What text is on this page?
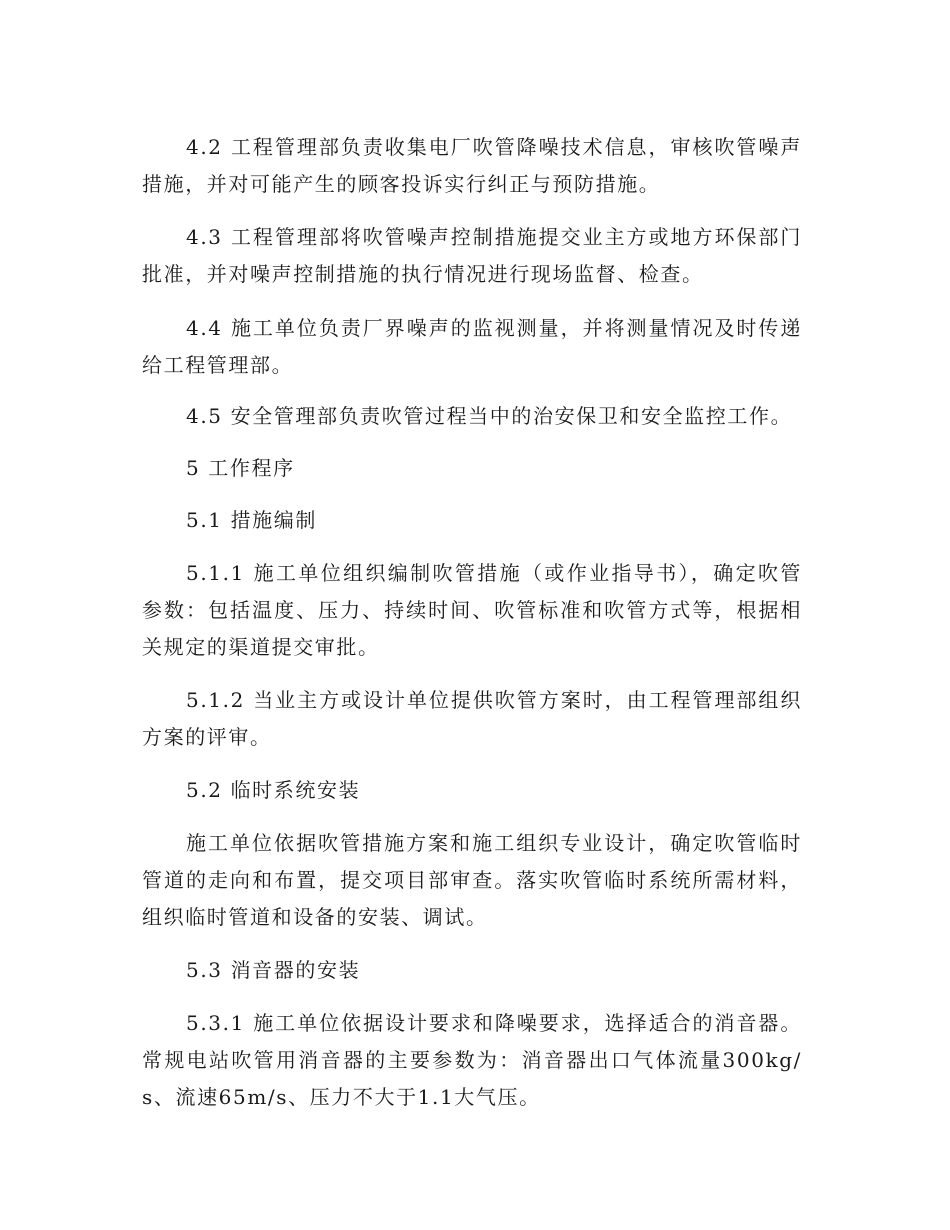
4.2 工程管理部负责收集电厂吹管降噪技术信息，审核吹管噪声措施，并对可能产生的顾客投诉实行纠正与预防措施。

4.3 工程管理部将吹管噪声控制措施提交业主方或地方环保部门批准，并对噪声控制措施的执行情况进行现场监督、检查。

4.4 施工单位负责厂界噪声的监视测量，并将测量情况及时传递给工程管理部。

4.5 安全管理部负责吹管过程当中的治安保卫和安全监控工作。

5 工作程序

5.1 措施编制

5.1.1 施工单位组织编制吹管措施（或作业指导书），确定吹管参数：包括温度、压力、持续时间、吹管标准和吹管方式等，根据相关规定的渠道提交审批。

5.1.2 当业主方或设计单位提供吹管方案时，由工程管理部组织方案的评审。

5.2 临时系统安装

施工单位依据吹管措施方案和施工组织专业设计，确定吹管临时管道的走向和布置，提交项目部审查。落实吹管临时系统所需材料，组织临时管道和设备的安装、调试。

5.3 消音器的安装

5.3.1 施工单位依据设计要求和降噪要求，选择适合的消音器。常规电站吹管用消音器的主要参数为：消音器出口气体流量300kg/s、流速65m/s、压力不大于1.1大气压。
